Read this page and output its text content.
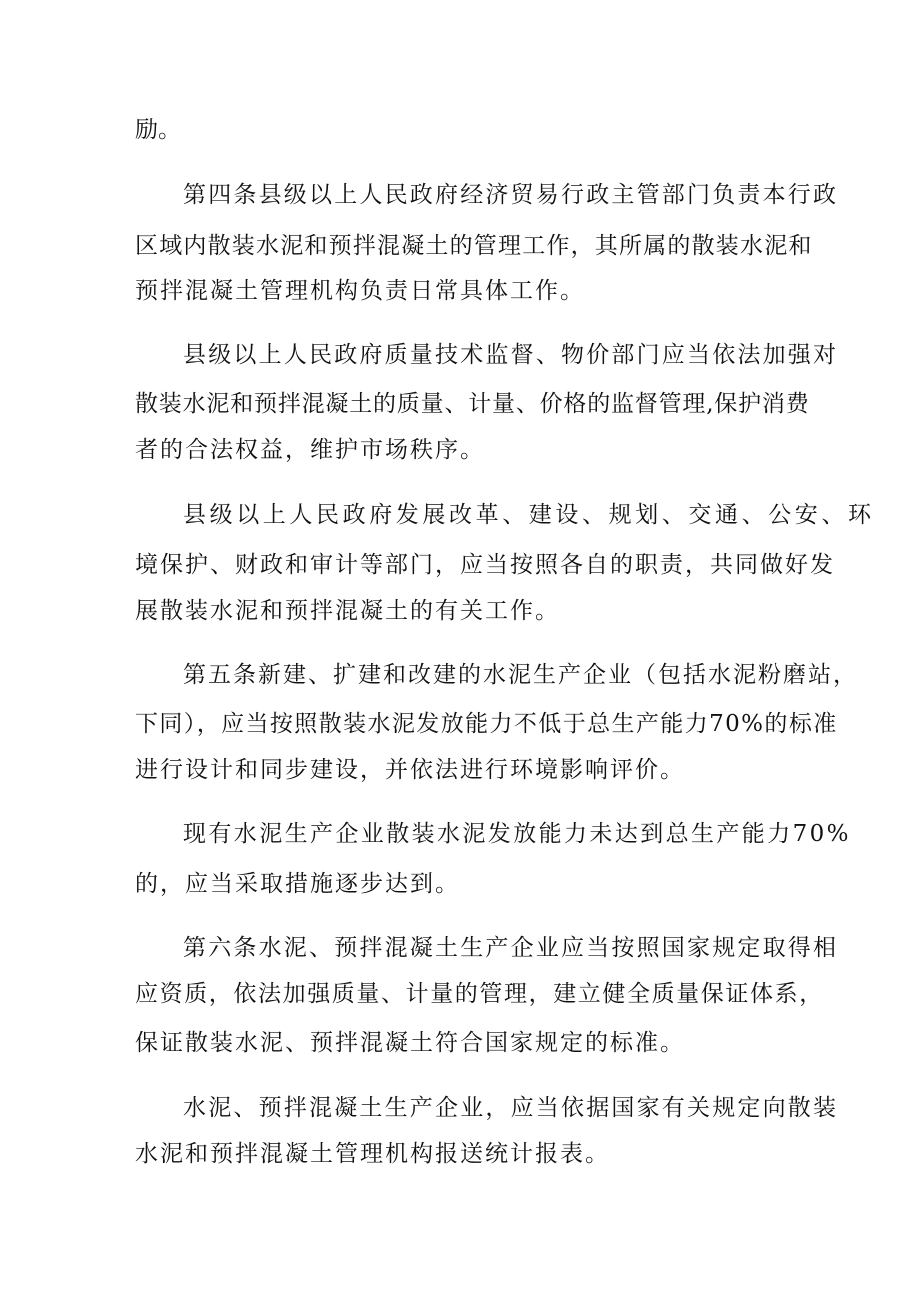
励。

第四条县级以上人民政府经济贸易行政主管部门负责本行政

区域内散装水泥和预拌混凝土的管理工作，其所属的散装水泥和

预拌混凝土管理机构负责日常具体工作。

县级以上人民政府质量技术监督、物价部门应当依法加强对

散装水泥和预拌混凝土的质量、计量、价格的监督管理,保护消费

者的合法权益，维护市场秩序。

县级以上人民政府发展改革、建设、规划、交通、公安、环

境保护、财政和审计等部门，应当按照各自的职责，共同做好发

展散装水泥和预拌混凝土的有关工作。

第五条新建、扩建和改建的水泥生产企业（包括水泥粉磨站，

下同），应当按照散装水泥发放能力不低于总生产能力70%的标准

进行设计和同步建设，并依法进行环境影响评价。

现有水泥生产企业散装水泥发放能力未达到总生产能力70%

的，应当采取措施逐步达到。

第六条水泥、预拌混凝土生产企业应当按照国家规定取得相

应资质，依法加强质量、计量的管理，建立健全质量保证体系，

保证散装水泥、预拌混凝土符合国家规定的标准。

水泥、预拌混凝土生产企业，应当依据国家有关规定向散装

水泥和预拌混凝土管理机构报送统计报表。
